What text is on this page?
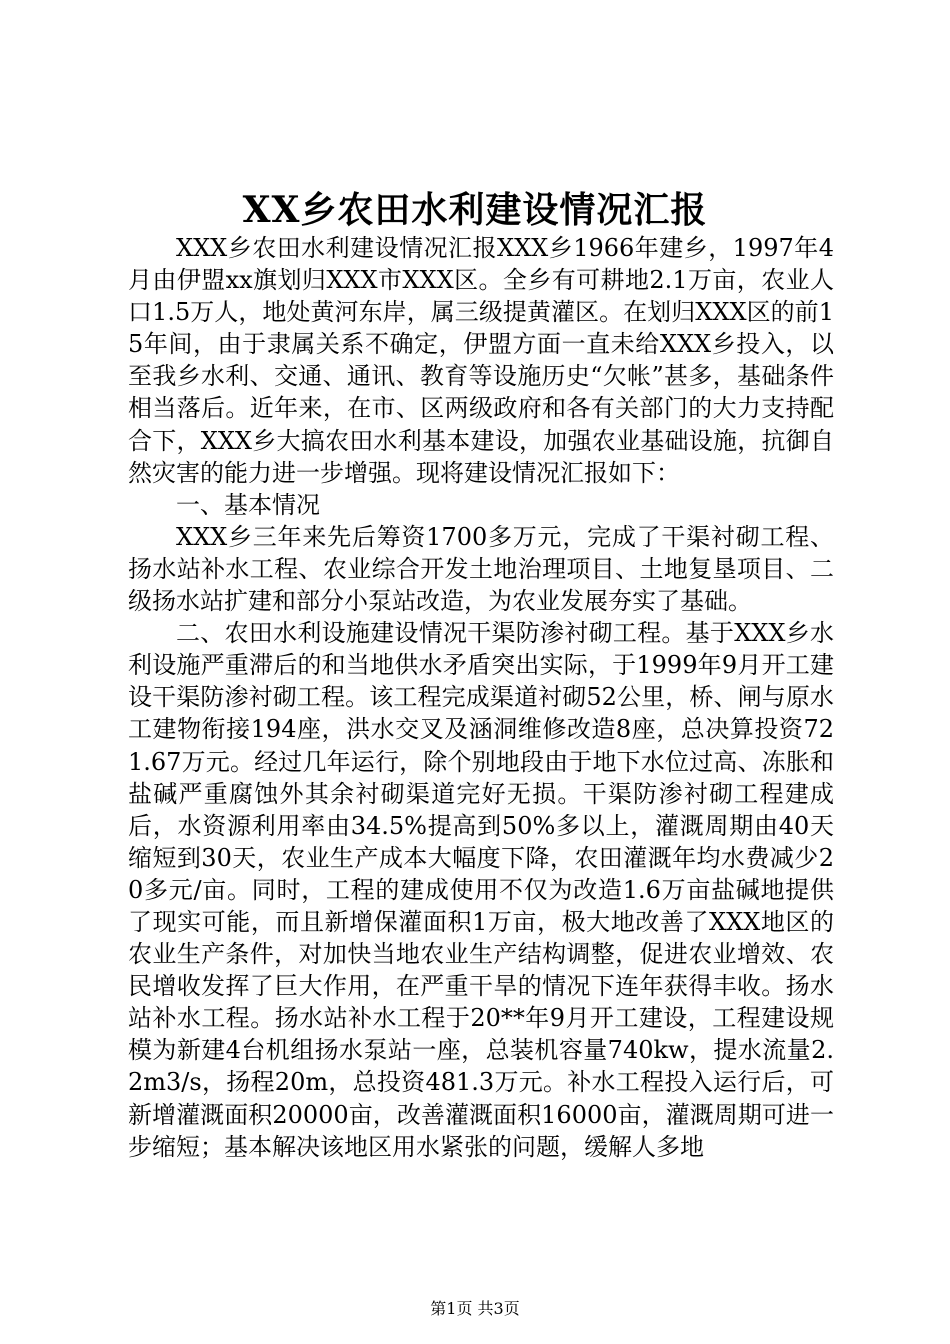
XX乡农田水利建设情况汇报

XXX乡农田水利建设情况汇报XXX乡1966年建乡，1997年4月由伊盟xx旗划归XXX市XXX区。全乡有可耕地2.1万亩，农业人口1.5万人，地处黄河东岸，属三级提黄灌区。在划归XXX区的前15年间，由于隶属关系不确定，伊盟方面一直未给XXX乡投入，以至我乡水利、交通、通讯、教育等设施历史“欠帐”甚多，基础条件相当落后。近年来，在市、区两级政府和各有关部门的大力支持配合下，XXX乡大搞农田水利基本建设，加强农业基础设施，抗御自然灾害的能力进一步增强。现将建设情况汇报如下：

一、基本情况

XXX乡三年来先后筹资1700多万元，完成了干渠衬砌工程、扬水站补水工程、农业综合开发土地治理项目、土地复垦项目、二级扬水站扩建和部分小泵站改造，为农业发展夯实了基础。

二、农田水利设施建设情况干渠防渗衬砌工程。基于XXX乡水利设施严重滞后的和当地供水矛盾突出实际，于1999年9月开工建设干渠防渗衬砌工程。该工程完成渠道衬砌52公里，桥、闸与原水工建物衔接194座，洪水交叉及涵洞维修改造8座，总决算投资721.67万元。经过几年运行，除个别地段由于地下水位过高、冻胀和盐碱严重腐蚀外其余衬砌渠道完好无损。干渠防渗衬砌工程建成后，水资源利用率由34.5%提高到50%多以上，灌溉周期由40天缩短到30天，农业生产成本大幅度下降，农田灌溉年均水费减少20多元/亩。同时，工程的建成使用不仅为改造1.6万亩盐碱地提供了现实可能，而且新增保灌面积1万亩，极大地改善了XXX地区的农业生产条件，对加快当地农业生产结构调整，促进农业增效、农民增收发挥了巨大作用，在严重干旱的情况下连年获得丰收。扬水站补水工程。扬水站补水工程于20**年9月开工建设，工程建设规模为新建4台机组扬水泵站一座，总装机容量740kw，提水流量2.2m3/s，扬程20m，总投资481.3万元。补水工程投入运行后，可新增灌溉面积20000亩，改善灌溉面积16000亩，灌溉周期可进一步缩短；基本解决该地区用水紧张的问题，缓解人多地

第1页 共3页
